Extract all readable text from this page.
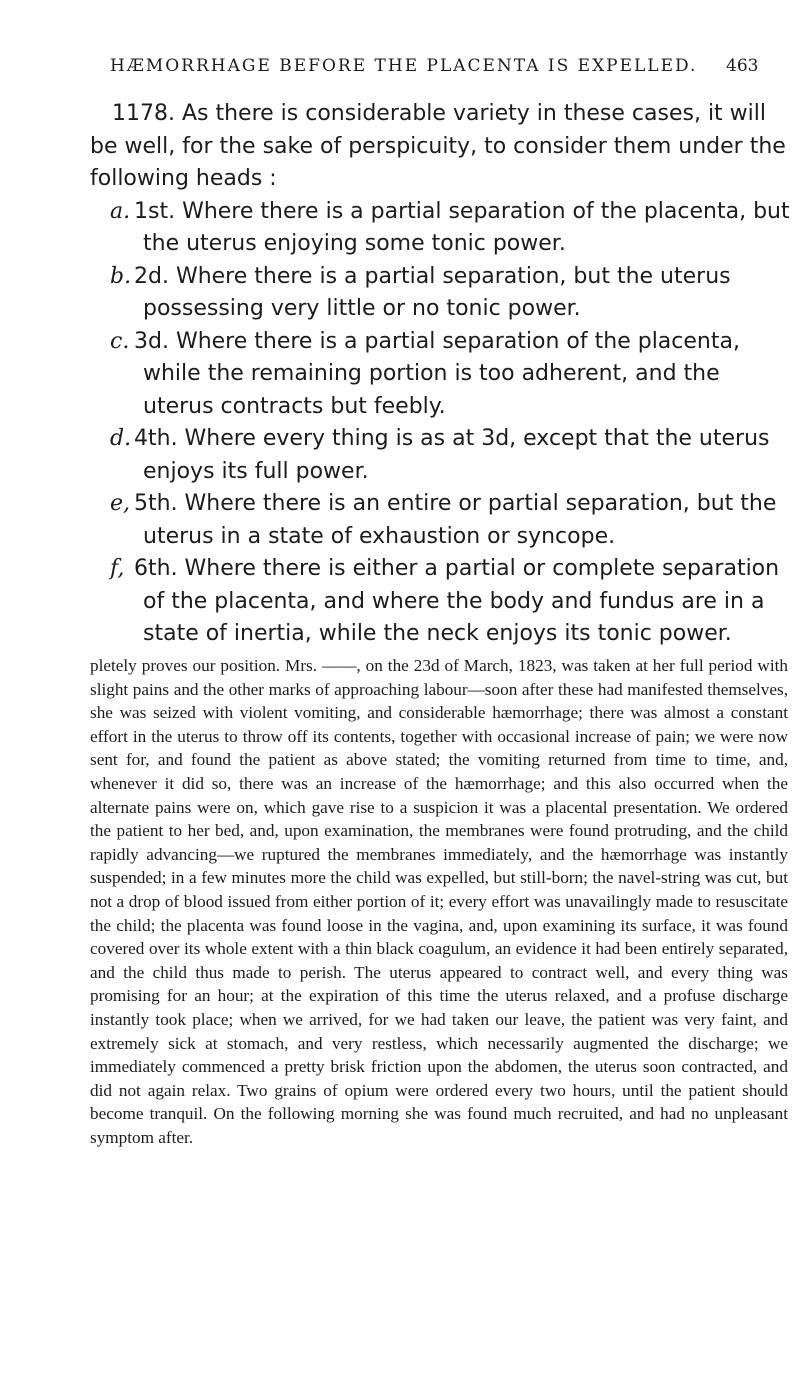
HÆMORRHAGE BEFORE THE PLACENTA IS EXPELLED. 463

1178. As there is considerable variety in these cases, it will be well, for the sake of perspicuity, to consider them under the following heads :

a. 1st. Where there is a partial separation of the placenta, but the uterus enjoying some tonic power.

b. 2d. Where there is a partial separation, but the uterus possessing very little or no tonic power.

c. 3d. Where there is a partial separation of the placenta, while the remaining portion is too adherent, and the uterus contracts but feebly.

d. 4th. Where every thing is as at 3d, except that the uterus enjoys its full power.

e, 5th. Where there is an entire or partial separation, but the uterus in a state of exhaustion or syncope.

f, 6th. Where there is either a partial or complete separation of the placenta, and where the body and fundus are in a state of inertia, while the neck enjoys its tonic power.

pletely proves our position. Mrs. ——, on the 23d of March, 1823, was taken at her full period with slight pains and the other marks of approaching labour—soon after these had manifested themselves, she was seized with violent vomiting, and considerable hæmorrhage; there was almost a constant effort in the uterus to throw off its contents, together with occasional increase of pain; we were now sent for, and found the patient as above stated; the vomiting returned from time to time, and, whenever it did so, there was an increase of the hæmorrhage; and this also occurred when the alternate pains were on, which gave rise to a suspicion it was a placental presentation. We ordered the patient to her bed, and, upon examination, the membranes were found protruding, and the child rapidly advancing—we ruptured the membranes immediately, and the hæmorrhage was instantly suspended; in a few minutes more the child was expelled, but still-born; the navel-string was cut, but not a drop of blood issued from either portion of it; every effort was unavailingly made to resuscitate the child; the placenta was found loose in the vagina, and, upon examining its surface, it was found covered over its whole extent with a thin black coagulum, an evidence it had been entirely separated, and the child thus made to perish. The uterus appeared to contract well, and every thing was promising for an hour; at the expiration of this time the uterus relaxed, and a profuse discharge instantly took place; when we arrived, for we had taken our leave, the patient was very faint, and extremely sick at stomach, and very restless, which necessarily augmented the discharge; we immediately commenced a pretty brisk friction upon the abdomen, the uterus soon contracted, and did not again relax. Two grains of opium were ordered every two hours, until the patient should become tranquil. On the following morning she was found much recruited, and had no unpleasant symptom after.
